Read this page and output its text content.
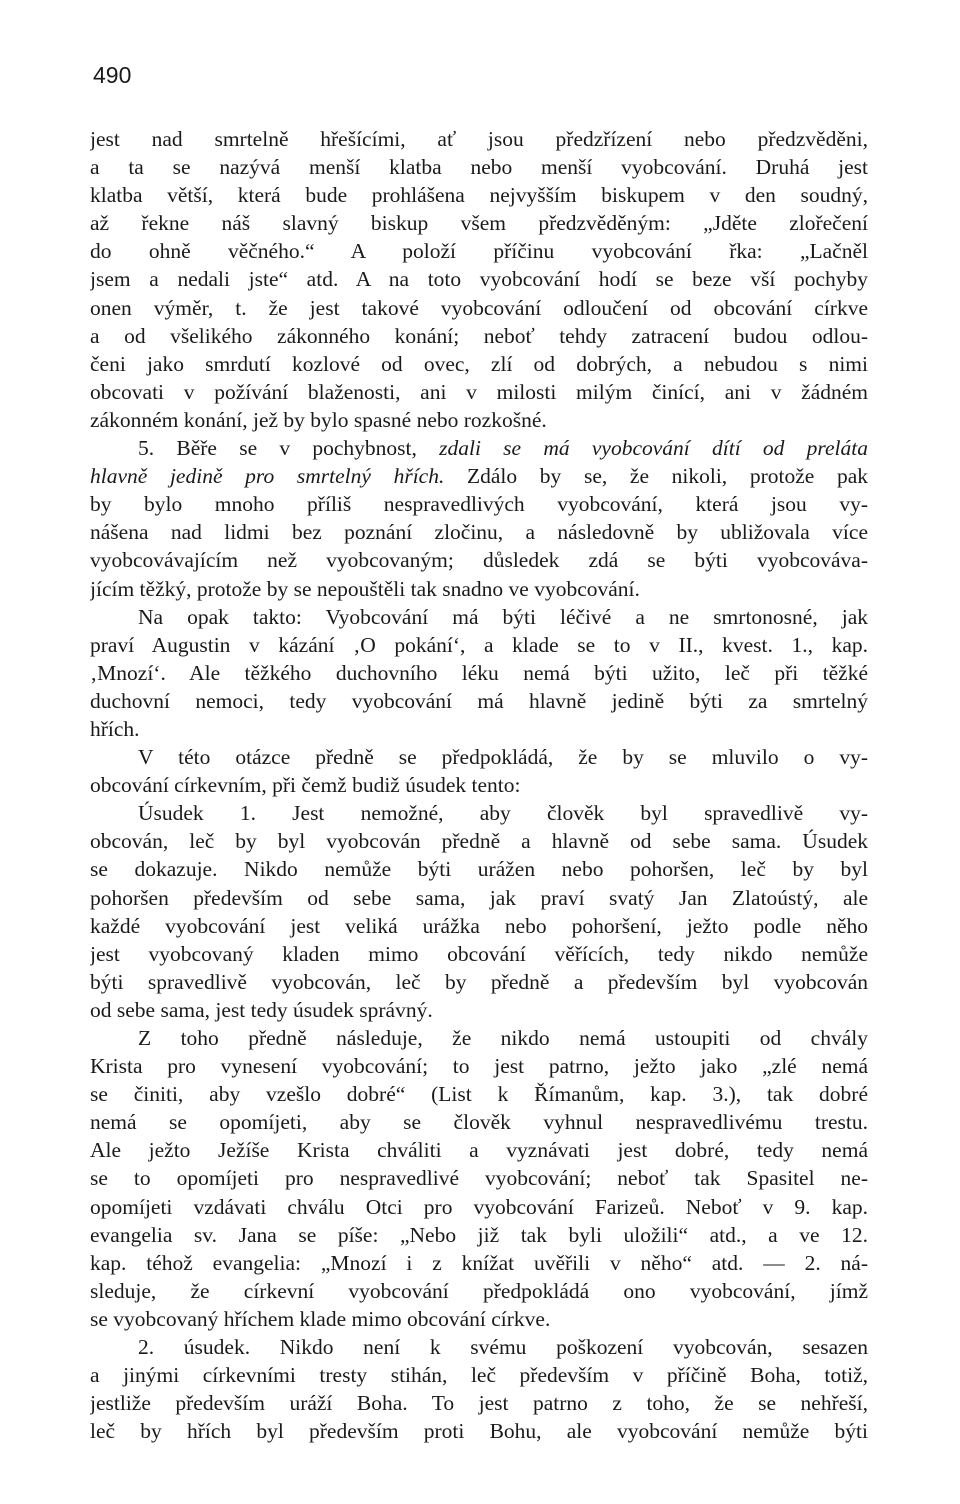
490
jest nad smrtelně hřešícími, ať jsou předzřízení nebo předzvěděni,
a ta se nazývá menší klatba nebo menší vyobcování. Druhá jest
klatba větší, která bude prohlášena nejvyšším biskupem v den soudný,
až řekne náš slavný biskup všem předzvěděným: „Jděte zlořečení
do ohně věčného.“ A položí příčinu vyobcování řka: „Lačněl
jsem a nedali jste“ atd. A na toto vyobcování hodí se beze vší pochyby
onen výměr, t. že jest takové vyobcování odloučení od obcování církve
a od všelikého zákonného konání; neboť tehdy zatracení budou odlou-
čeni jako smrdutí kozlové od ovec, zlí od dobrých, a nebudou s nimi
obcovati v požívání blaženosti, ani v milosti milým činící, ani v žádném
zákonném konání, jež by bylo spasné nebo rozkošné.
5. Běře se v pochybnost, zdali se má vyobcování dítí od preláta
hlavně jedině pro smrtelný hřích. Zdálo by se, že nikoli, protože pak
by bylo mnoho příliš nespravedlivých vyobcování, která jsou vy-
nášena nad lidmi bez poznání zločinu, a následovně by ubližovala více
vyobcovávajícím než vyobcovaným; důsledek zdá se býti vyobcováva-
jícím těžký, protože by se nepouštěli tak snadno ve vyobcování.
Na opak takto: Vyobcování má býti léčivé a ne smrtonosné, jak
praví Augustin v kázání ‚O pokání‘, a klade se to v II., kvest. 1., kap.
‚Mnozí‘. Ale těžkého duchovního léku nemá býti užito, leč při těžké
duchovní nemoci, tedy vyobcování má hlavně jedině býti za smrtelný
hřích.
V této otázce předně se předpokládá, že by se mluvilo o vy-
obcování církevním, při čemž budiž úsudek tento:
Úsudek 1. Jest nemožné, aby člověk byl spravedlivě vy-
obcován, leč by byl vyobcován předně a hlavně od sebe sama. Úsudek
se dokazuje. Nikdo nemůže býti urážen nebo pohoršen, leč by byl
pohoršen především od sebe sama, jak praví svatý Jan Zlatoústý, ale
každé vyobcování jest veliká urážka nebo pohoršení, ježto podle něho
jest vyobcovaný kladen mimo obcování věřících, tedy nikdo nemůže
býti spravedlivě vyobcován, leč by předně a především byl vyobcován
od sebe sama, jest tedy úsudek správný.
Z toho předně následuje, že nikdo nemá ustoupiti od chvály
Krista pro vynesení vyobcování; to jest patrno, ježto jako „zlé nemá
se činiti, aby vzešlo dobré“ (List k Římanům, kap. 3.), tak dobré
nemá se opomíjeti, aby se člověk vyhnul nespravedlivému trestu.
Ale ježto Ježíše Krista chváliti a vyznávati jest dobré, tedy nemá
se to opomíjeti pro nespravedlivé vyobcování; neboť tak Spasitel ne-
opomíjeti vzdávati chválu Otci pro vyobcování Farizeů. Neboť v 9. kap.
evangelia sv. Jana se píše: „Nebo již tak byli uložili“ atd., a ve 12.
kap. téhož evangelia: „Mnozí i z knížat uvěřili v něho“ atd. — 2. ná-
sleduje, že církevní vyobcování předpokládá ono vyobcování, jímž
se vyobcovaný hříchem klade mimo obcování církve.
2. úsudek. Nikdo není k svému poškození vyobcován, sesazen
a jinými církevními tresty stihán, leč především v příčině Boha, totiž,
jestliže především uráží Boha. To jest patrno z toho, že se nehřeší,
leč by hřích byl především proti Bohu, ale vyobcování nemůže býti
